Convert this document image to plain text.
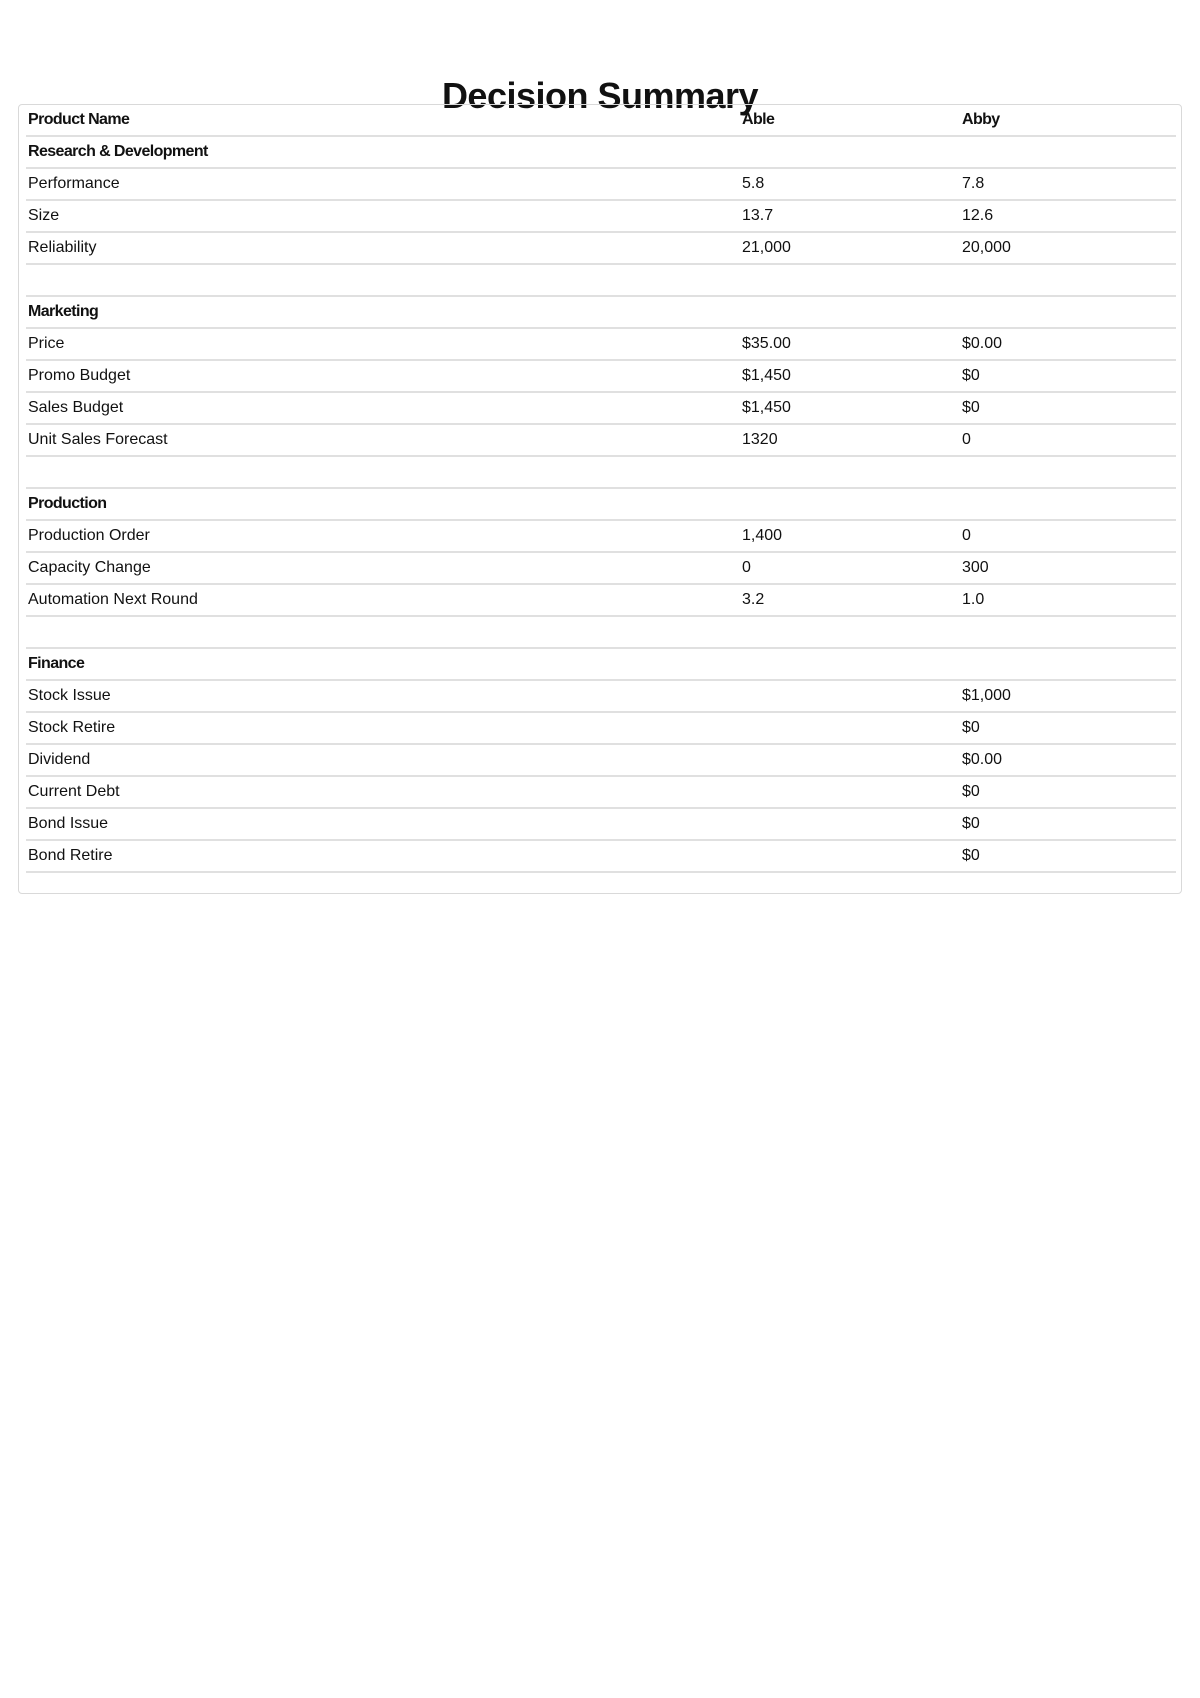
Decision Summary
Product Name	Able	Abby
Research & Development		
Performance	5.8	7.8
Size	13.7	12.6
Reliability	21,000	20,000

Marketing		
Price	$35.00	$0.00
Promo Budget	$1,450	$0
Sales Budget	$1,450	$0
Unit Sales Forecast	1320	0

Production		
Production Order	1,400	0
Capacity Change	0	300
Automation Next Round	3.2	1.0

Finance		
Stock Issue		$1,000
Stock Retire		$0
Dividend		$0.00
Current Debt		$0
Bond Issue		$0
Bond Retire		$0
